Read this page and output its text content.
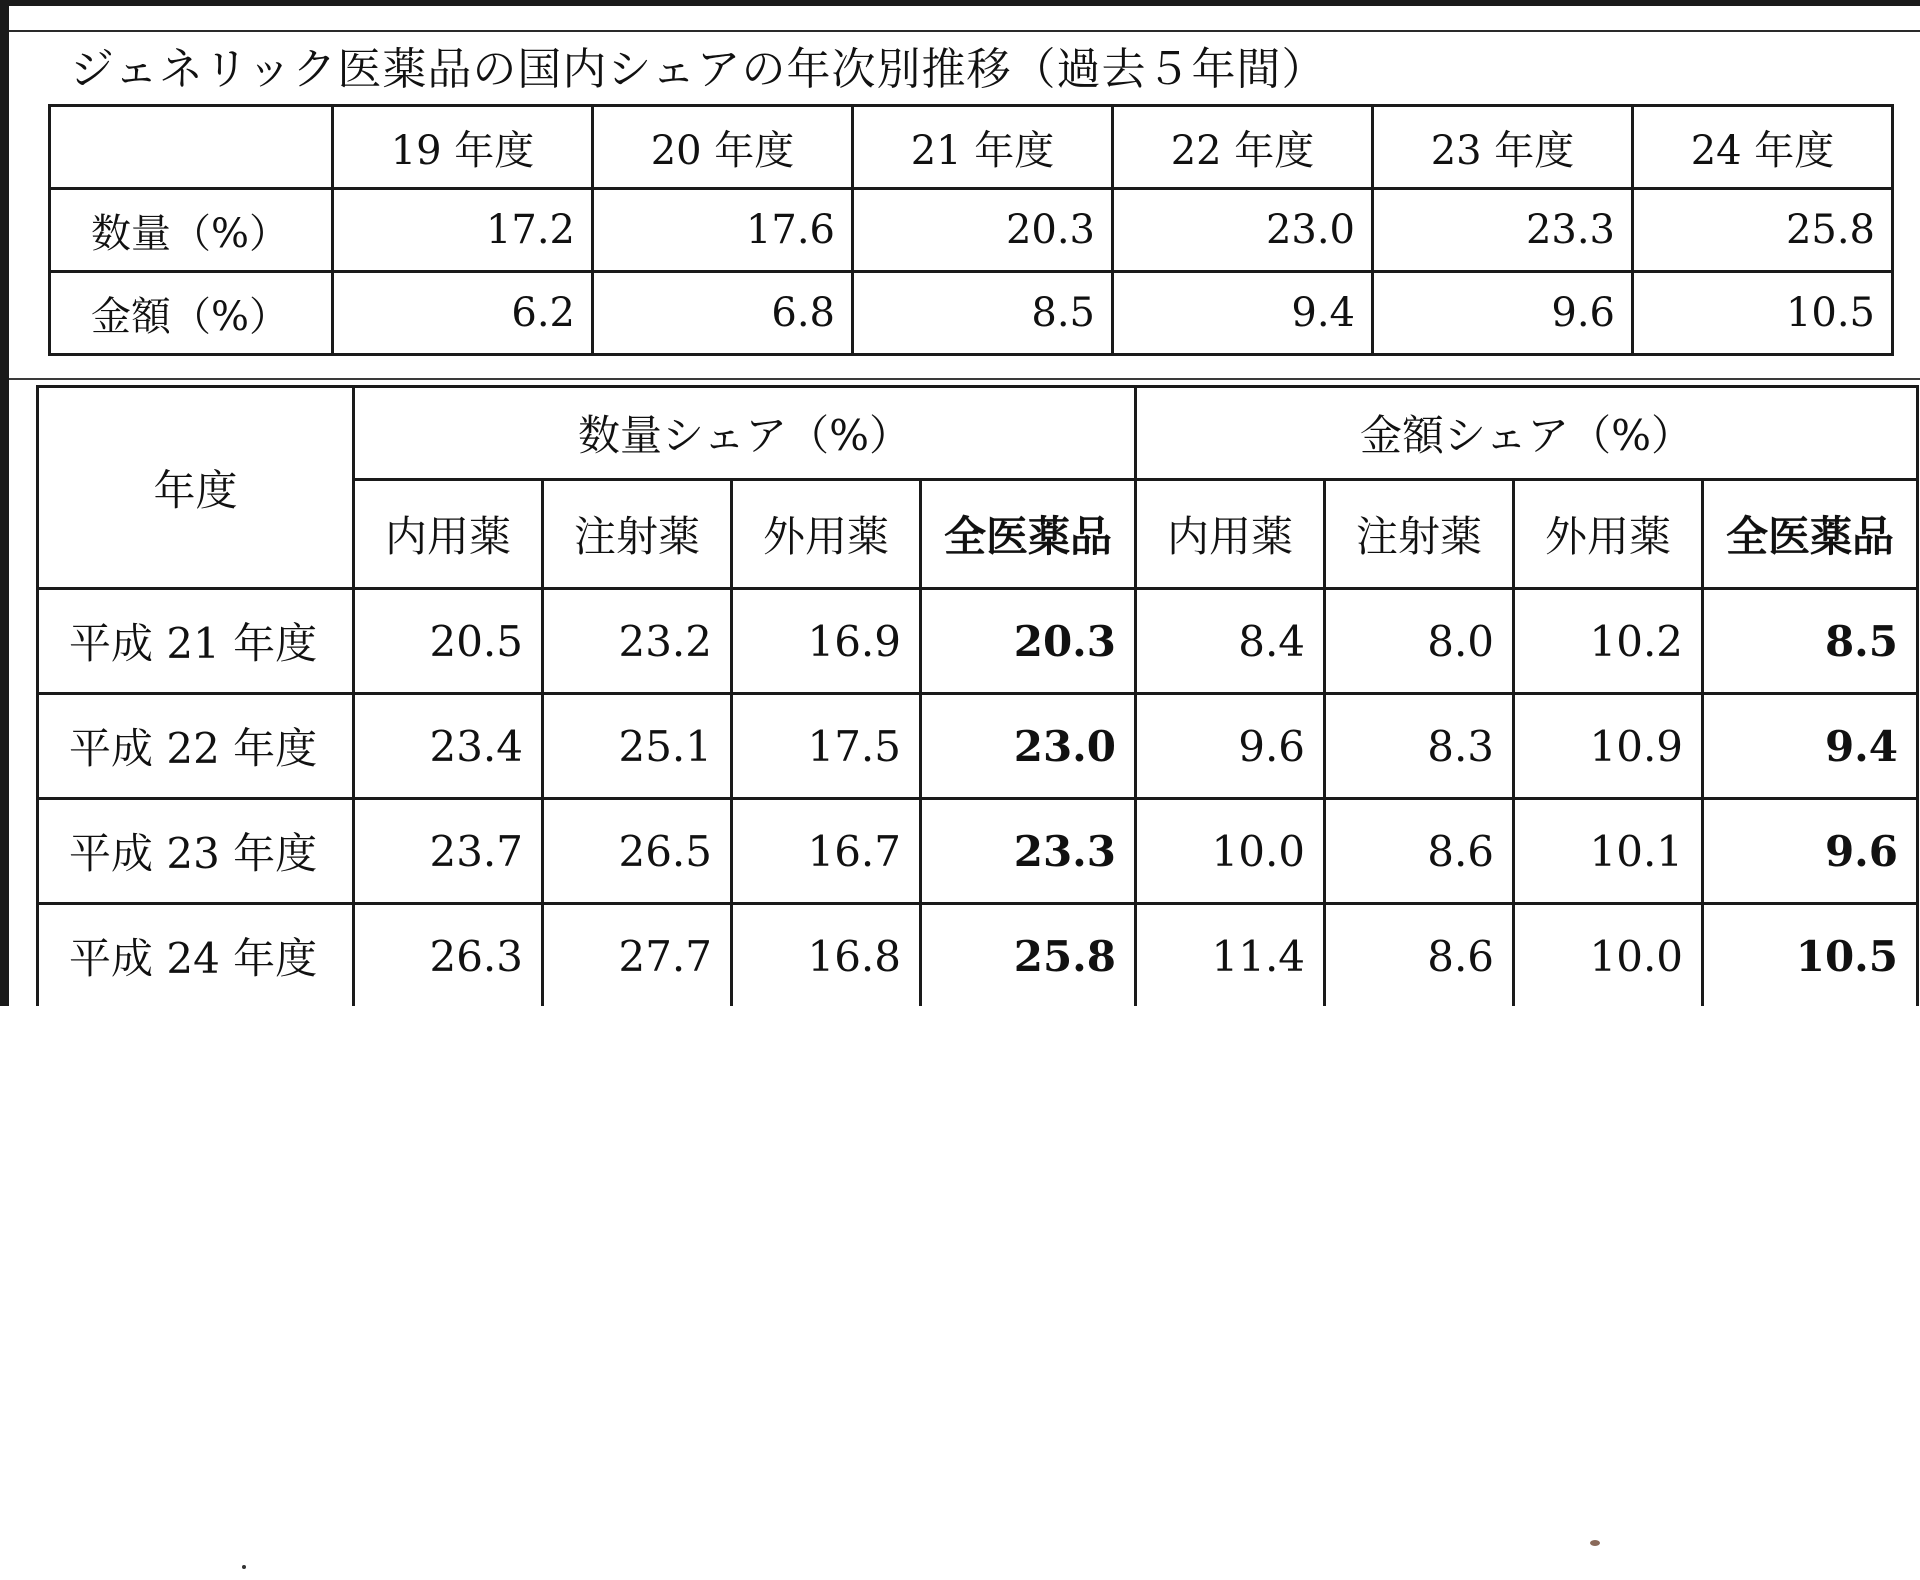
ジェネリック医薬品の国内シェアの年次別推移（過去５年間）
	19 年度	20 年度	21 年度	22 年度	23 年度	24 年度
数量（%）	17.2	17.6	20.3	23.0	23.3	25.8
金額（%）	6.2	6.8	8.5	9.4	9.6	10.5
年度	数量シェア（%）				金額シェア（%）			
	内用薬	注射薬	外用薬	全医薬品	内用薬	注射薬	外用薬	全医薬品
平成 21 年度	20.5	23.2	16.9	20.3	8.4	8.0	10.2	8.5
平成 22 年度	23.4	25.1	17.5	23.0	9.6	8.3	10.9	9.4
平成 23 年度	23.7	26.5	16.7	23.3	10.0	8.6	10.1	9.6
平成 24 年度	26.3	27.7	16.8	25.8	11.4	8.6	10.0	10.5
